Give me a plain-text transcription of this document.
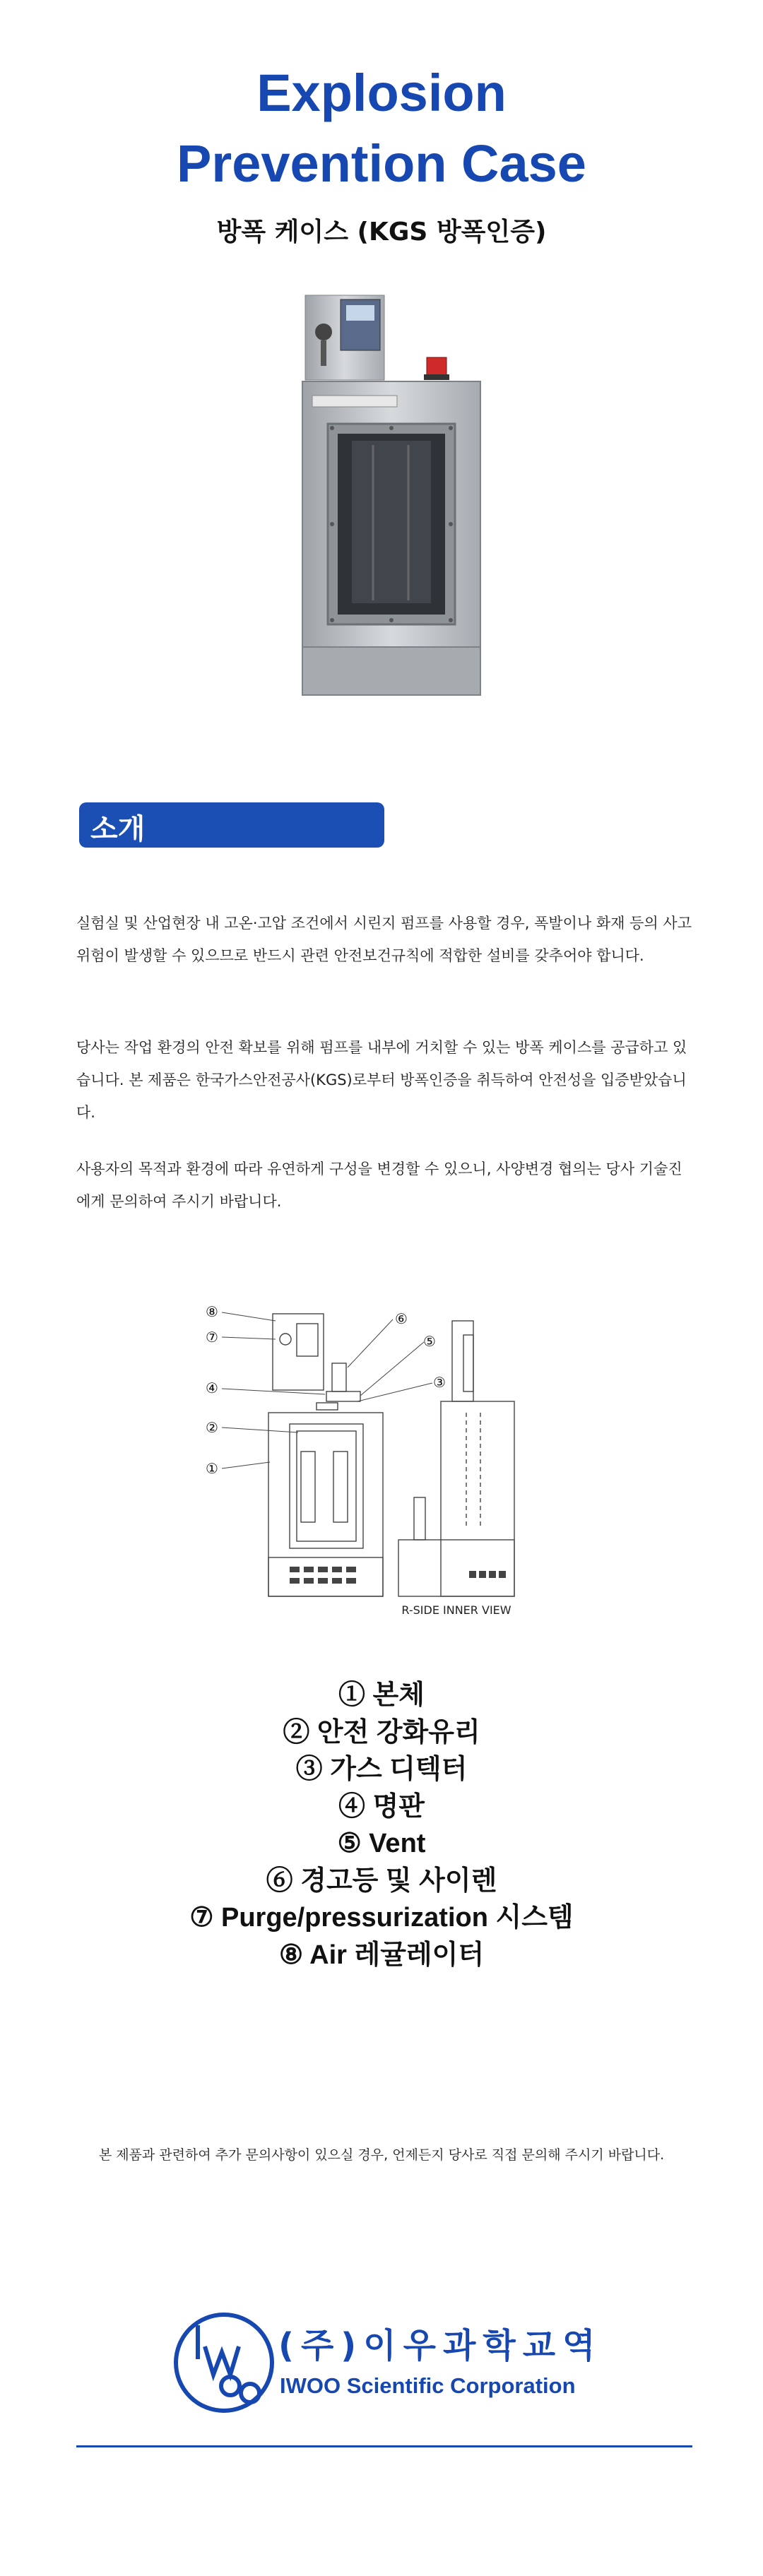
Explosion
Prevention Case
방폭 케이스 (KGS 방폭인증)
소개

실험실 및 산업현장 내 고온·고압 조건에서 시린지 펌프를 사용할 경우, 폭발이나 화재 등의 사고 위험이 발생할 수 있으므로 반드시 관련 안전보건규칙에 적합한 설비를 갖추어야 합니다.

당사는 작업 환경의 안전 확보를 위해 펌프를 내부에 거치할 수 있는 방폭 케이스를 공급하고 있습니다. 본 제품은 한국가스안전공사(KGS)로부터 방폭인증을 취득하여 안전성을 입증받았습니다.

사용자의 목적과 환경에 따라 유연하게 구성을 변경할 수 있으니, 사양변경 협의는 당사 기술진에게 문의하여 주시기 바랍니다.

⑧
⑦
④
②
①
⑥
⑤
③
R-SIDE INNER VIEW
① 본체
② 안전 강화유리
③ 가스 디텍터
④ 명판
⑤ Vent
⑥ 경고등 및 사이렌
⑦ Purge/pressurization 시스템
⑧ Air 레귤레이터
본 제품과 관련하여 추가 문의사항이 있으실 경우, 언제든지 당사로 직접 문의해 주시기 바랍니다.
(주)이우과학교역
IWOO Scientific Corporation
